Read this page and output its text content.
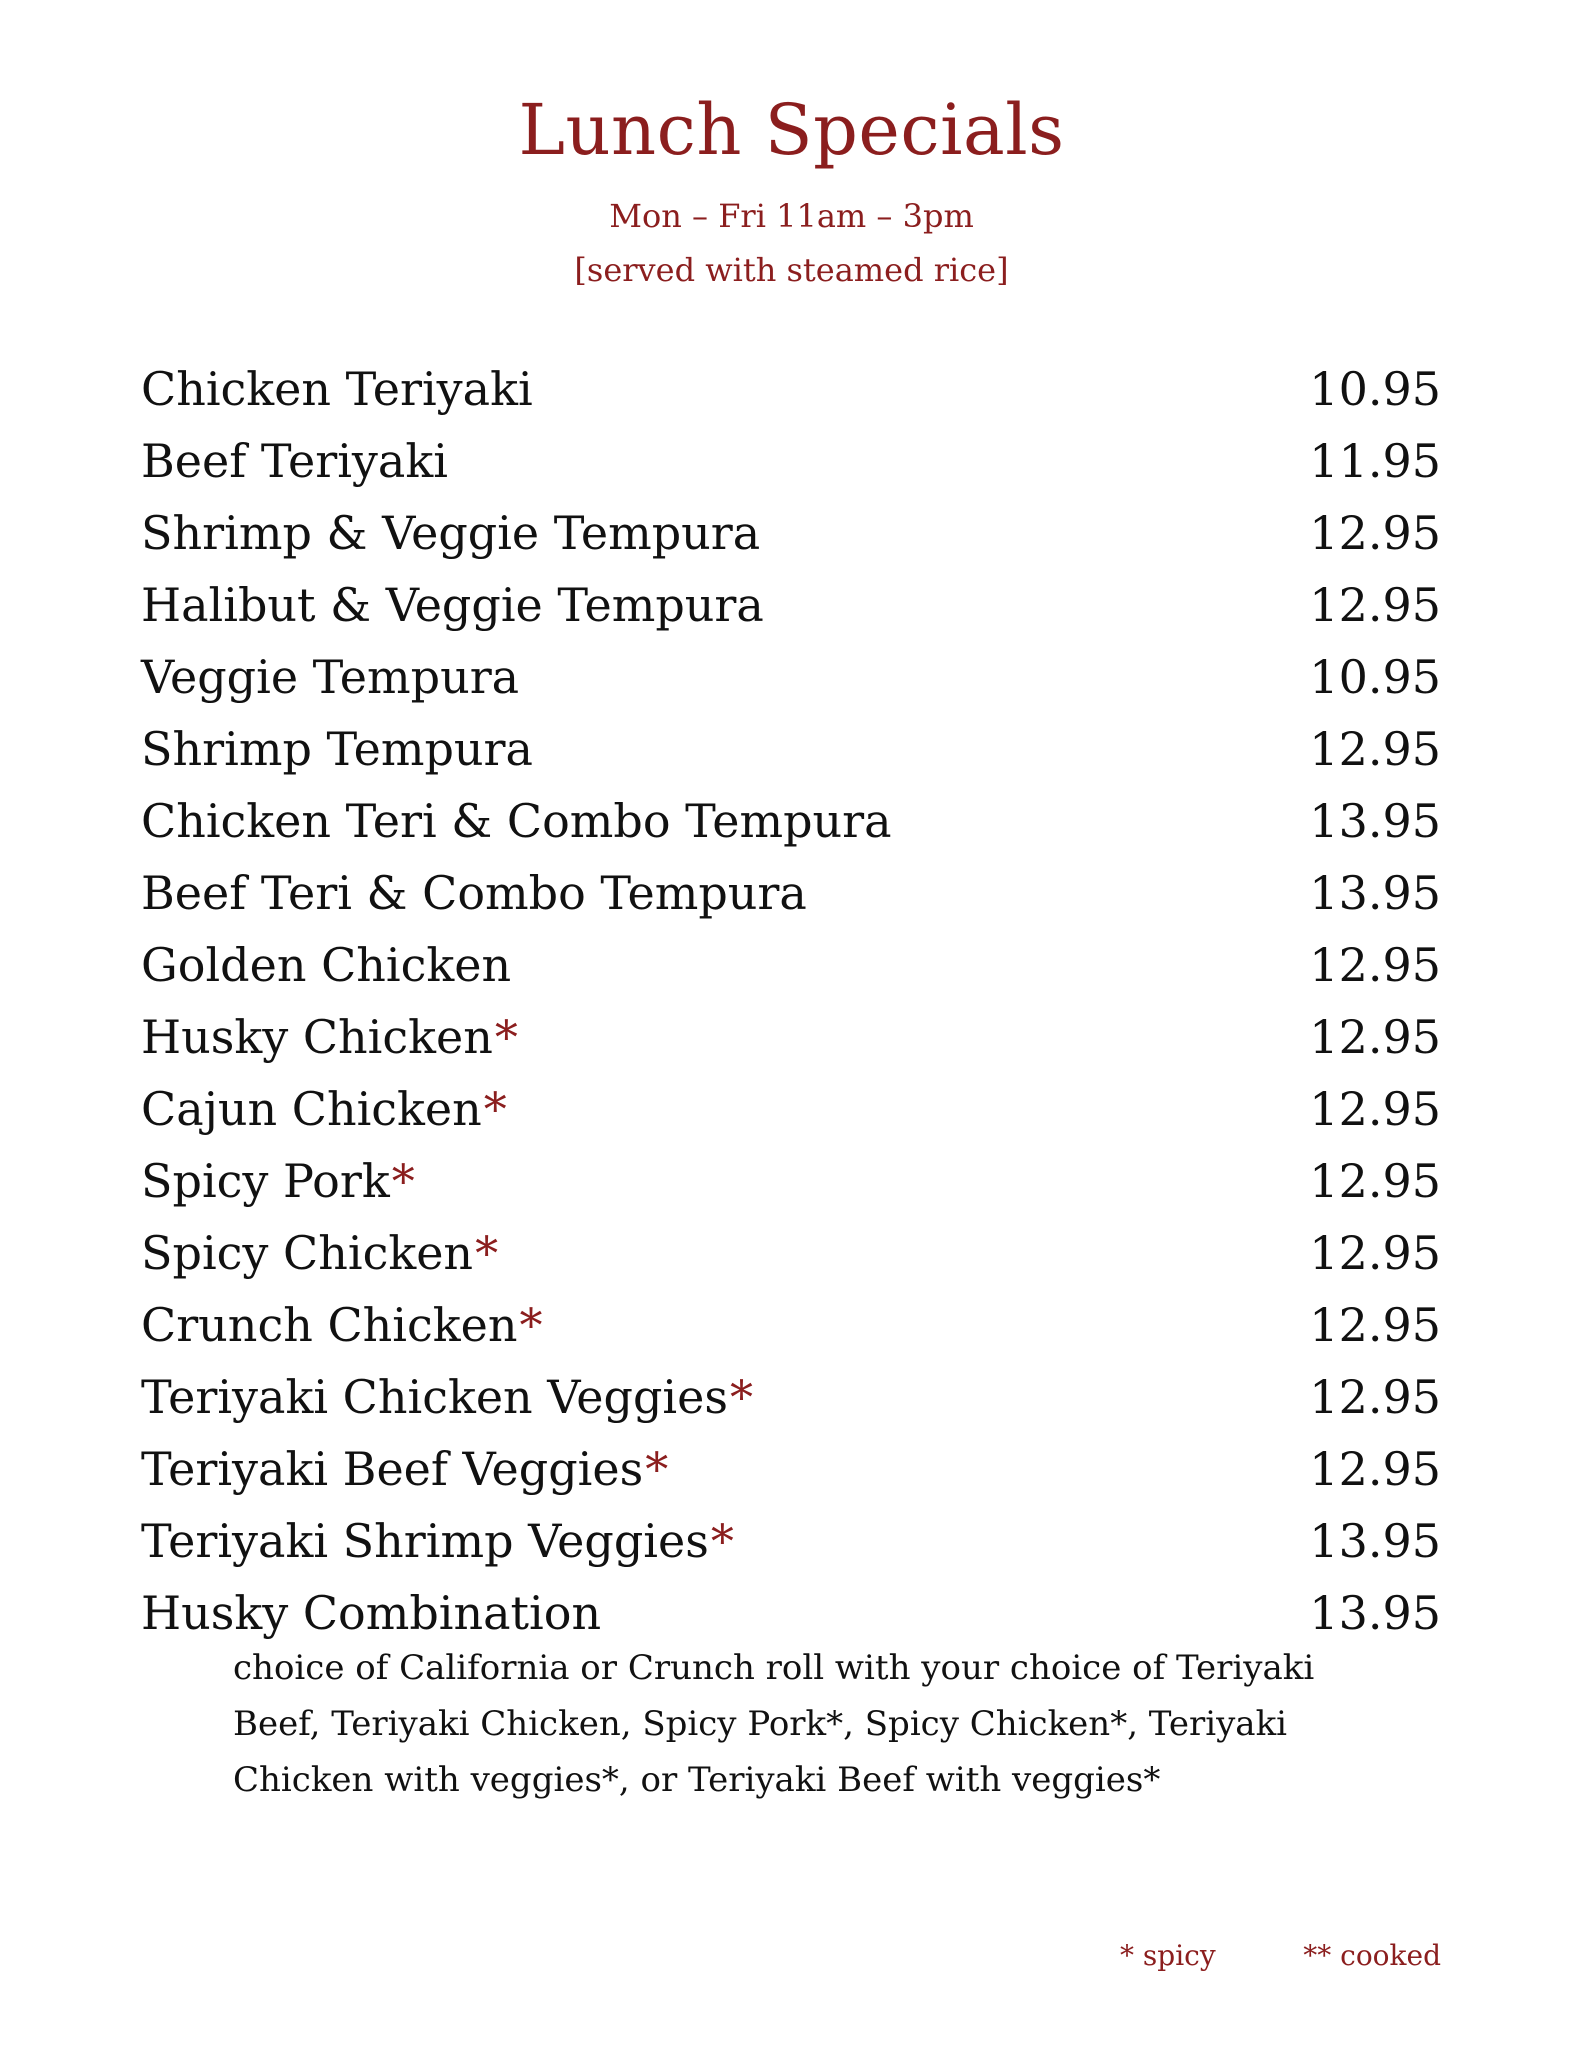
Lunch Specials
Mon – Fri 11am – 3pm
[served with steamed rice]
Chicken Teriyaki	10.95
Beef Teriyaki	11.95
Shrimp & Veggie Tempura	12.95
Halibut & Veggie Tempura	12.95
Veggie Tempura	10.95
Shrimp Tempura	12.95
Chicken Teri & Combo Tempura	13.95
Beef Teri & Combo Tempura	13.95
Golden Chicken	12.95
Husky Chicken*	12.95
Cajun Chicken*	12.95
Spicy Pork*	12.95
Spicy Chicken*	12.95
Crunch Chicken*	12.95
Teriyaki Chicken Veggies*	12.95
Teriyaki Beef Veggies*	12.95
Teriyaki Shrimp Veggies*	13.95
Husky Combination	13.95
choice of California or Crunch roll with your choice of Teriyaki Beef, Teriyaki Chicken, Spicy Pork*, Spicy Chicken*, Teriyaki Chicken with veggies*, or Teriyaki Beef with veggies*
* spicy	** cooked
